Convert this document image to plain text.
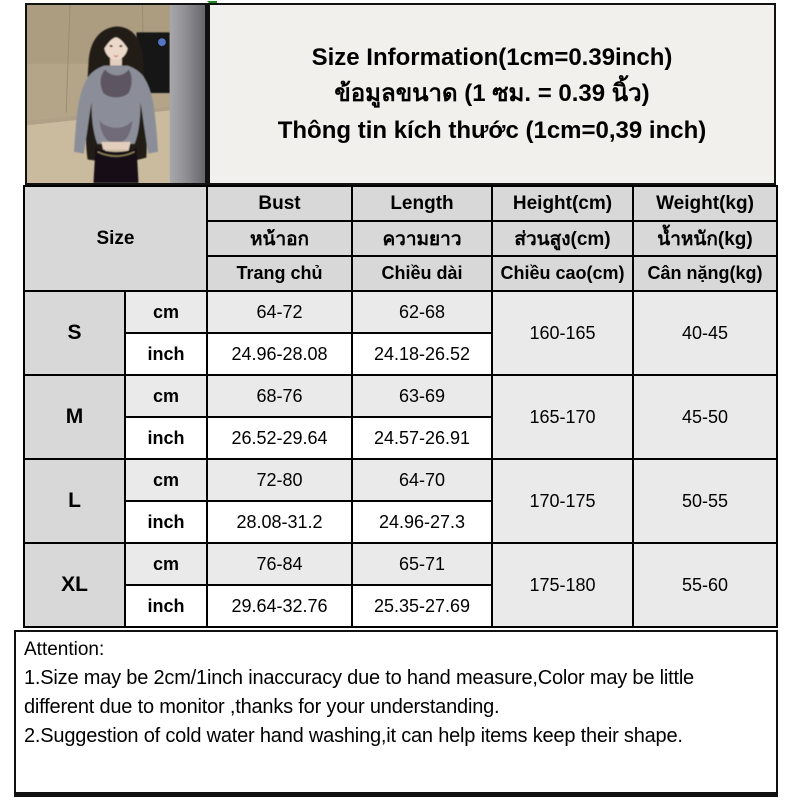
Size Information(1cm=0.39inch)
ข้อมูลขนาด (1 ซม. = 0.39 นิ้ว)
Thông tin kích thước (1cm=0,39 inch)
Size		Bust	Length	Height(cm)	Weight(kg)
		หน้าอก	ความยาว	ส่วนสูง(cm)	น้ำหนัก(kg)
		Trang chủ	Chiều dài	Chiều cao(cm)	Cân nặng(kg)
S	cm	64-72	62-68	160-165	40-45
	inch	24.96-28.08	24.18-26.52		
M	cm	68-76	63-69	165-170	45-50
	inch	26.52-29.64	24.57-26.91		
L	cm	72-80	64-70	170-175	50-55
	inch	28.08-31.2	24.96-27.3		
XL	cm	76-84	65-71	175-180	55-60
	inch	29.64-32.76	25.35-27.69		
Attention:
1.Size may be 2cm/1inch inaccuracy due to hand measure,Color may be little different due to monitor ,thanks for your understanding.
2.Suggestion of cold water hand washing,it can help items keep their shape.
